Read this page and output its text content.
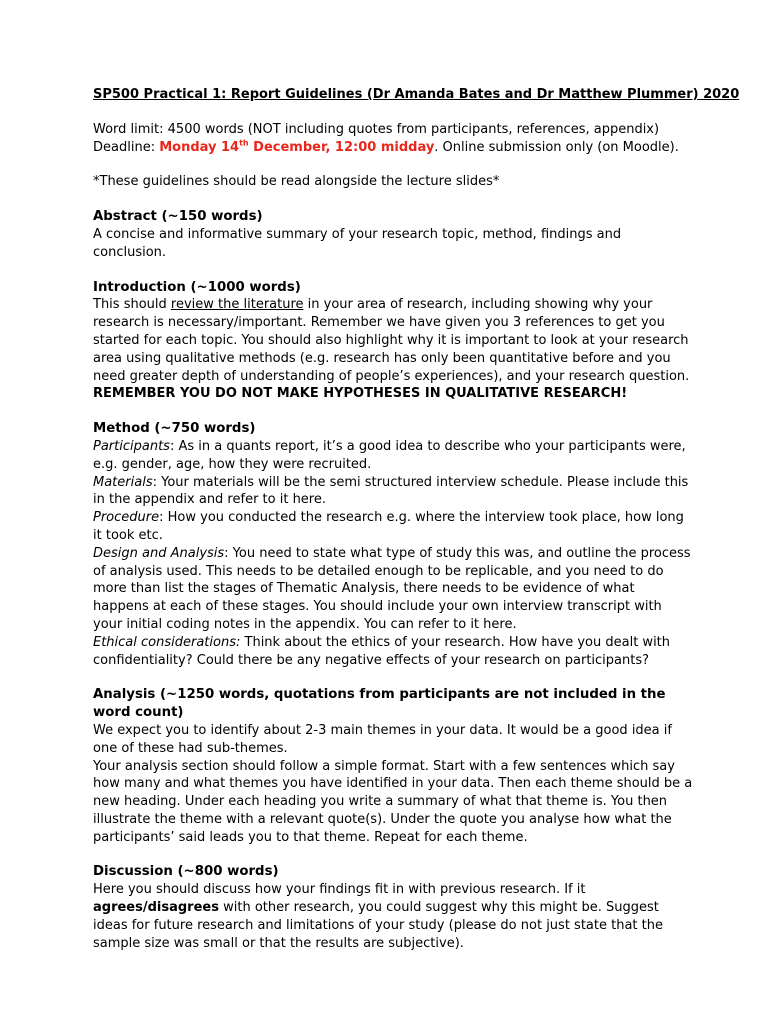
SP500 Practical 1: Report Guidelines (Dr Amanda Bates and Dr Matthew Plummer) 2020

Word limit: 4500 words (NOT including quotes from participants, references, appendix)

Deadline: Monday 14th December, 12:00 midday. Online submission only (on Moodle).

*These guidelines should be read alongside the lecture slides*

Abstract (~150 words)

A concise and informative summary of your research topic, method, findings and conclusion.

Introduction (~1000 words)

This should review the literature in your area of research, including showing why your research is necessary/important. Remember we have given you 3 references to get you started for each topic. You should also highlight why it is important to look at your research area using qualitative methods (e.g. research has only been quantitative before and you need greater depth of understanding of people’s experiences), and your research question.

REMEMBER YOU DO NOT MAKE HYPOTHESES IN QUALITATIVE RESEARCH!

Method (~750 words)

Participants: As in a quants report, it’s a good idea to describe who your participants were, e.g. gender, age, how they were recruited.

Materials: Your materials will be the semi structured interview schedule. Please include this in the appendix and refer to it here.

Procedure: How you conducted the research e.g. where the interview took place, how long it took etc.

Design and Analysis: You need to state what type of study this was, and outline the process of analysis used. This needs to be detailed enough to be replicable, and you need to do more than list the stages of Thematic Analysis, there needs to be evidence of what happens at each of these stages. You should include your own interview transcript with your initial coding notes in the appendix. You can refer to it here.

Ethical considerations: Think about the ethics of your research. How have you dealt with confidentiality? Could there be any negative effects of your research on participants?

Analysis (~1250 words, quotations from participants are not included in the word count)

We expect you to identify about 2-3 main themes in your data. It would be a good idea if one of these had sub-themes.

Your analysis section should follow a simple format. Start with a few sentences which say how many and what themes you have identified in your data. Then each theme should be a new heading. Under each heading you write a summary of what that theme is. You then illustrate the theme with a relevant quote(s). Under the quote you analyse how what the participants’ said leads you to that theme. Repeat for each theme.

Discussion (~800 words)

Here you should discuss how your findings fit in with previous research. If it agrees/disagrees with other research, you could suggest why this might be. Suggest ideas for future research and limitations of your study (please do not just state that the sample size was small or that the results are subjective).
